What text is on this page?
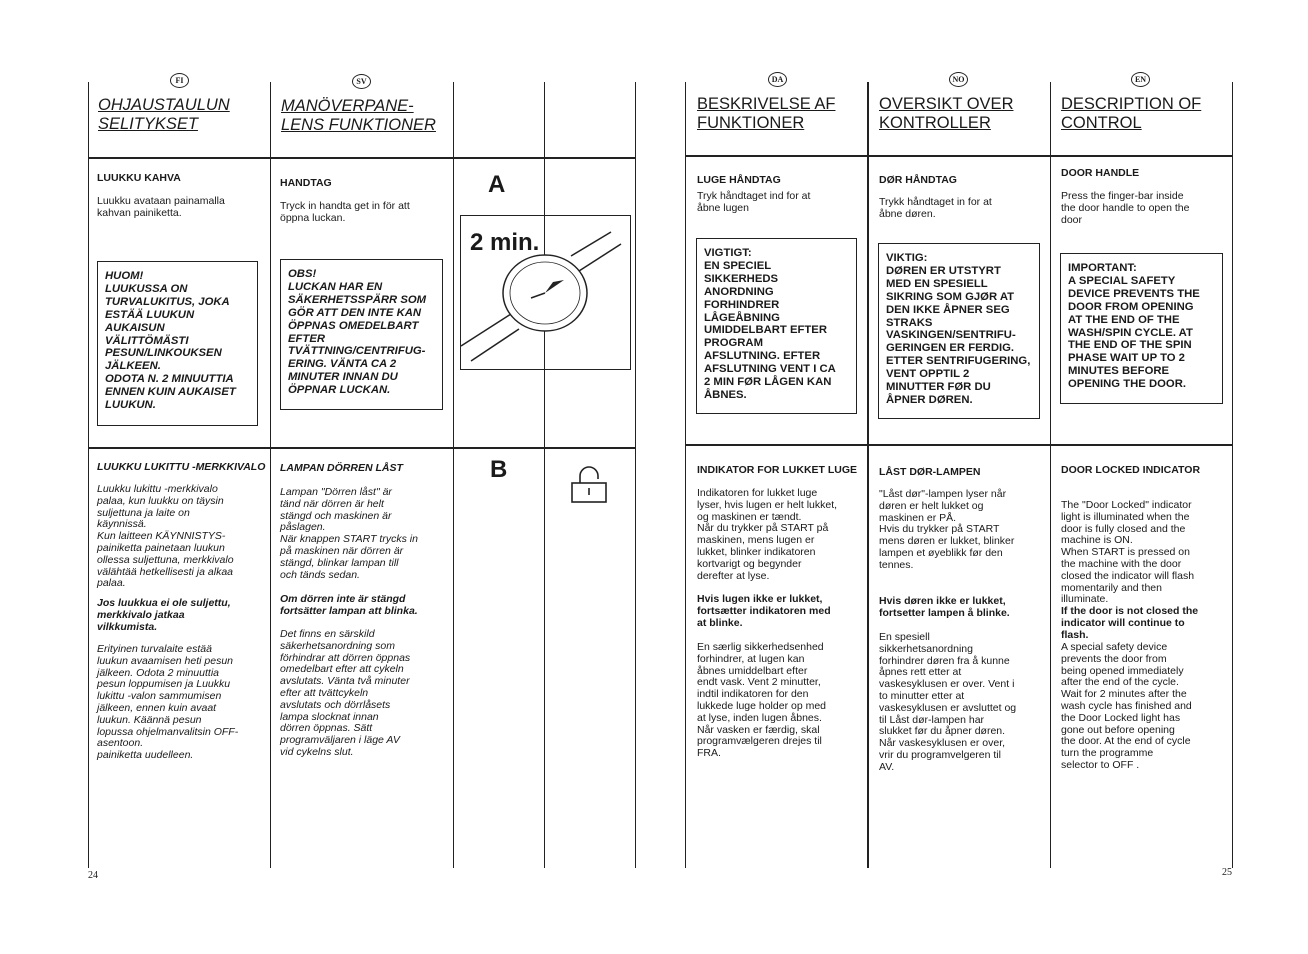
FI
OHJAUSTAULUN
SELITYKSET
LUUKKU KAHVA
Luukku avataan painamalla
kahvan painiketta.
HUOM!
LUUKUSSA ON
TURVALUKITUS, JOKA
ESTÄÄ LUUKUN
AUKAISUN
VÄLITTÖMÄSTI
PESUN/LINKOUKSEN
JÄLKEEN.
ODOTA N. 2 MINUUTTIA
ENNEN KUIN AUKAISET
LUUKUN.
LUUKKU LUKITTU -MERKKIVALO
Luukku lukittu -merkkivalo
palaa, kun luukku on täysin
suljettuna ja laite on
käynnissä.
Kun laitteen KÄYNNISTYS-
painiketta painetaan luukun
ollessa suljettuna, merkkivalo
välähtää hetkellisesti ja alkaa
palaa.
Jos luukkua ei ole suljettu,
merkkivalo jatkaa
vilkkumista.
Erityinen turvalaite estää
luukun avaamisen heti pesun
jälkeen. Odota 2 minuuttia
pesun loppumisen ja Luukku
lukittu -valon sammumisen
jälkeen, ennen kuin avaat
luukun. Käännä pesun
lopussa ohjelmanvalitsin OFF-
asentoon.
painiketta uudelleen.
SV
MANÖVERPANE-
LENS FUNKTIONER
HANDTAG
Tryck in handta get in för att
öppna luckan.
OBS!
LUCKAN HAR EN
SÄKERHETSSPÄRR SOM
GÖR ATT DEN INTE KAN
ÖPPNAS OMEDELBART
EFTER
TVÄTTNING/CENTRIFUG-
ERING. VÄNTA CA 2
MINUTER INNAN DU
ÖPPNAR LUCKAN.
LAMPAN DÖRREN LÅST
Lampan "Dörren låst" är
tänd när dörren är helt
stängd och maskinen är
påslagen.
När knappen START trycks in
på maskinen när dörren är
stängd, blinkar lampan till
och tänds sedan.
Om dörren inte är stängd
fortsätter lampan att blinka.
Det finns en särskild
säkerhetsanordning som
förhindrar att dörren öppnas
omedelbart efter att cykeln
avslutats. Vänta två minuter
efter att tvättcykeln
avslutats och dörrlåsets
lampa slocknat innan
dörren öppnas. Sätt
programväljaren i läge AV
vid cykelns slut.
A
2 min.
B
DA
BESKRIVELSE AF
FUNKTIONER
LUGE HÅNDTAG
Tryk håndtaget ind for at
åbne lugen
VIGTIGT:
EN SPECIEL
SIKKERHEDS
ANORDNING
FORHINDRER
LÅGEÅBNING
UMIDDELBART EFTER
PROGRAM
AFSLUTNING. EFTER
AFSLUTNING VENT I CA
2 MIN FØR LÅGEN KAN
ÅBNES.
INDIKATOR FOR LUKKET LUGE
Indikatoren for lukket luge
lyser, hvis lugen er helt lukket,
og maskinen er tændt.
Når du trykker på START på
maskinen, mens lugen er
lukket, blinker indikatoren
kortvarigt og begynder
derefter at lyse.
Hvis lugen ikke er lukket,
fortsætter indikatoren med
at blinke.
En særlig sikkerhedsenhed
forhindrer, at lugen kan
åbnes umiddelbart efter
endt vask. Vent 2 minutter,
indtil indikatoren for den
lukkede luge holder op med
at lyse, inden lugen åbnes.
Når vasken er færdig, skal
programvælgeren drejes til
FRA.
NO
OVERSIKT OVER
KONTROLLER
DØR HÅNDTAG
Trykk håndtaget in for at
åbne døren.
VIKTIG:
DØREN ER UTSTYRT
MED EN SPESIELL
SIKRING SOM GJØR AT
DEN IKKE ÅPNER SEG
STRAKS
VASKINGEN/SENTRIFU-
GERINGEN ER FERDIG.
ETTER SENTRIFUGERING,
VENT OPPTIL 2
MINUTTER FØR DU
ÅPNER DØREN.
LÅST DØR-LAMPEN
"Låst dør"-lampen lyser når
døren er helt lukket og
maskinen er PÅ.
Hvis du trykker på START
mens døren er lukket, blinker
lampen et øyeblikk før den
tennes.
Hvis døren ikke er lukket,
fortsetter lampen å blinke.
En spesiell
sikkerhetsanordning
forhindrer døren fra å kunne
åpnes rett etter at
vaskesyklusen er over. Vent i
to minutter etter at
vaskesyklusen er avsluttet og
til Låst dør-lampen har
slukket før du åpner døren.
Når vaskesyklusen er over,
vrir du programvelgeren til
AV.
EN
DESCRIPTION OF
CONTROL
DOOR HANDLE
Press the finger-bar inside
the door handle to open the
door
IMPORTANT:
A SPECIAL SAFETY
DEVICE PREVENTS THE
DOOR FROM OPENING
AT THE END OF THE
WASH/SPIN CYCLE. AT
THE END OF THE SPIN
PHASE WAIT UP TO 2
MINUTES BEFORE
OPENING THE DOOR.
DOOR LOCKED INDICATOR
The "Door Locked" indicator
light is illuminated when the
door is fully closed and the
machine is ON.
When START is pressed on
the machine with the door
closed the indicator will flash
momentarily and then
illuminate.
If the door is not closed the
indicator will continue to
flash.
A special safety device
prevents the door from
being opened immediately
after the end of the cycle.
Wait for 2 minutes after the
wash cycle has finished and
the Door Locked light has
gone out before opening
the door. At the end of cycle
turn the programme
selector to OFF .
24	25
